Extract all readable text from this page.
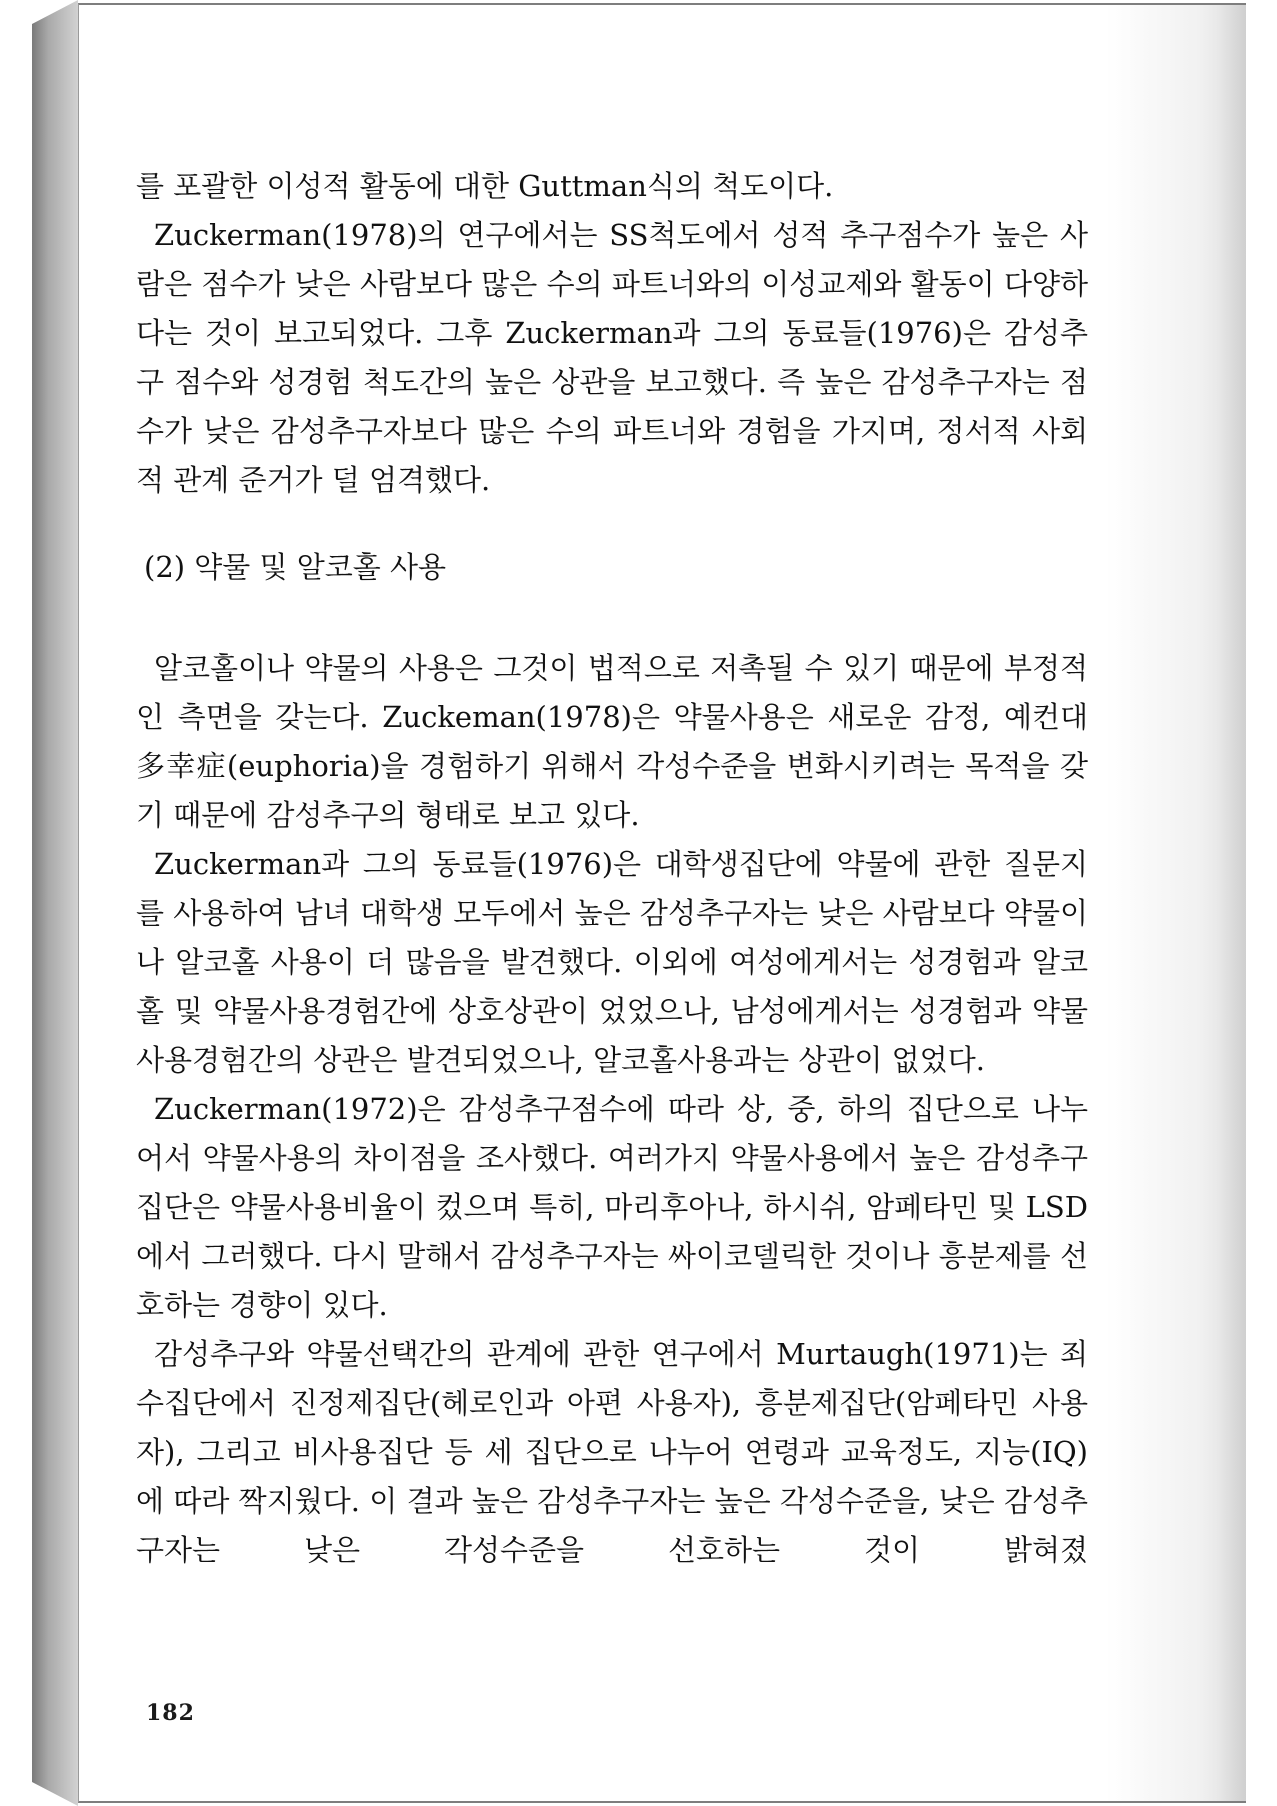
를 포괄한 이성적 활동에 대한 Guttman식의 척도이다.

Zuckerman(1978)의 연구에서는 SS척도에서 성적 추구점수가 높은 사람은 점수가 낮은 사람보다 많은 수의 파트너와의 이성교제와 활동이 다양하다는 것이 보고되었다. 그후 Zuckerman과 그의 동료들(1976)은 감성추구 점수와 성경험 척도간의 높은 상관을 보고했다. 즉 높은 감성추구자는 점수가 낮은 감성추구자보다 많은 수의 파트너와 경험을 가지며, 정서적 사회적 관계 준거가 덜 엄격했다.

(2) 약물 및 알코홀 사용

알코홀이나 약물의 사용은 그것이 법적으로 저촉될 수 있기 때문에 부정적인 측면을 갖는다. Zuckeman(1978)은 약물사용은 새로운 감정, 예컨대 多幸症(euphoria)을 경험하기 위해서 각성수준을 변화시키려는 목적을 갖기 때문에 감성추구의 형태로 보고 있다.

Zuckerman과 그의 동료들(1976)은 대학생집단에 약물에 관한 질문지를 사용하여 남녀 대학생 모두에서 높은 감성추구자는 낮은 사람보다 약물이나 알코홀 사용이 더 많음을 발견했다. 이외에 여성에게서는 성경험과 알코홀 및 약물사용경험간에 상호상관이 었었으나, 남성에게서는 성경험과 약물사용경험간의 상관은 발견되었으나, 알코홀사용과는 상관이 없었다.

Zuckerman(1972)은 감성추구점수에 따라 상, 중, 하의 집단으로 나누어서 약물사용의 차이점을 조사했다. 여러가지 약물사용에서 높은 감성추구집단은 약물사용비율이 컸으며 특히, 마리후아나, 하시쉬, 암페타민 및 LSD에서 그러했다. 다시 말해서 감성추구자는 싸이코델릭한 것이나 흥분제를 선호하는 경향이 있다.

감성추구와 약물선택간의 관계에 관한 연구에서 Murtaugh(1971)는 죄수집단에서 진정제집단(헤로인과 아편 사용자), 흥분제집단(암페타민 사용자), 그리고 비사용집단 등 세 집단으로 나누어 연령과 교육정도, 지능(IQ)에 따라 짝지웠다. 이 결과 높은 감성추구자는 높은 각성수준을, 낮은 감성추구자는 낮은 각성수준을 선호하는 것이 밝혀졌

182
